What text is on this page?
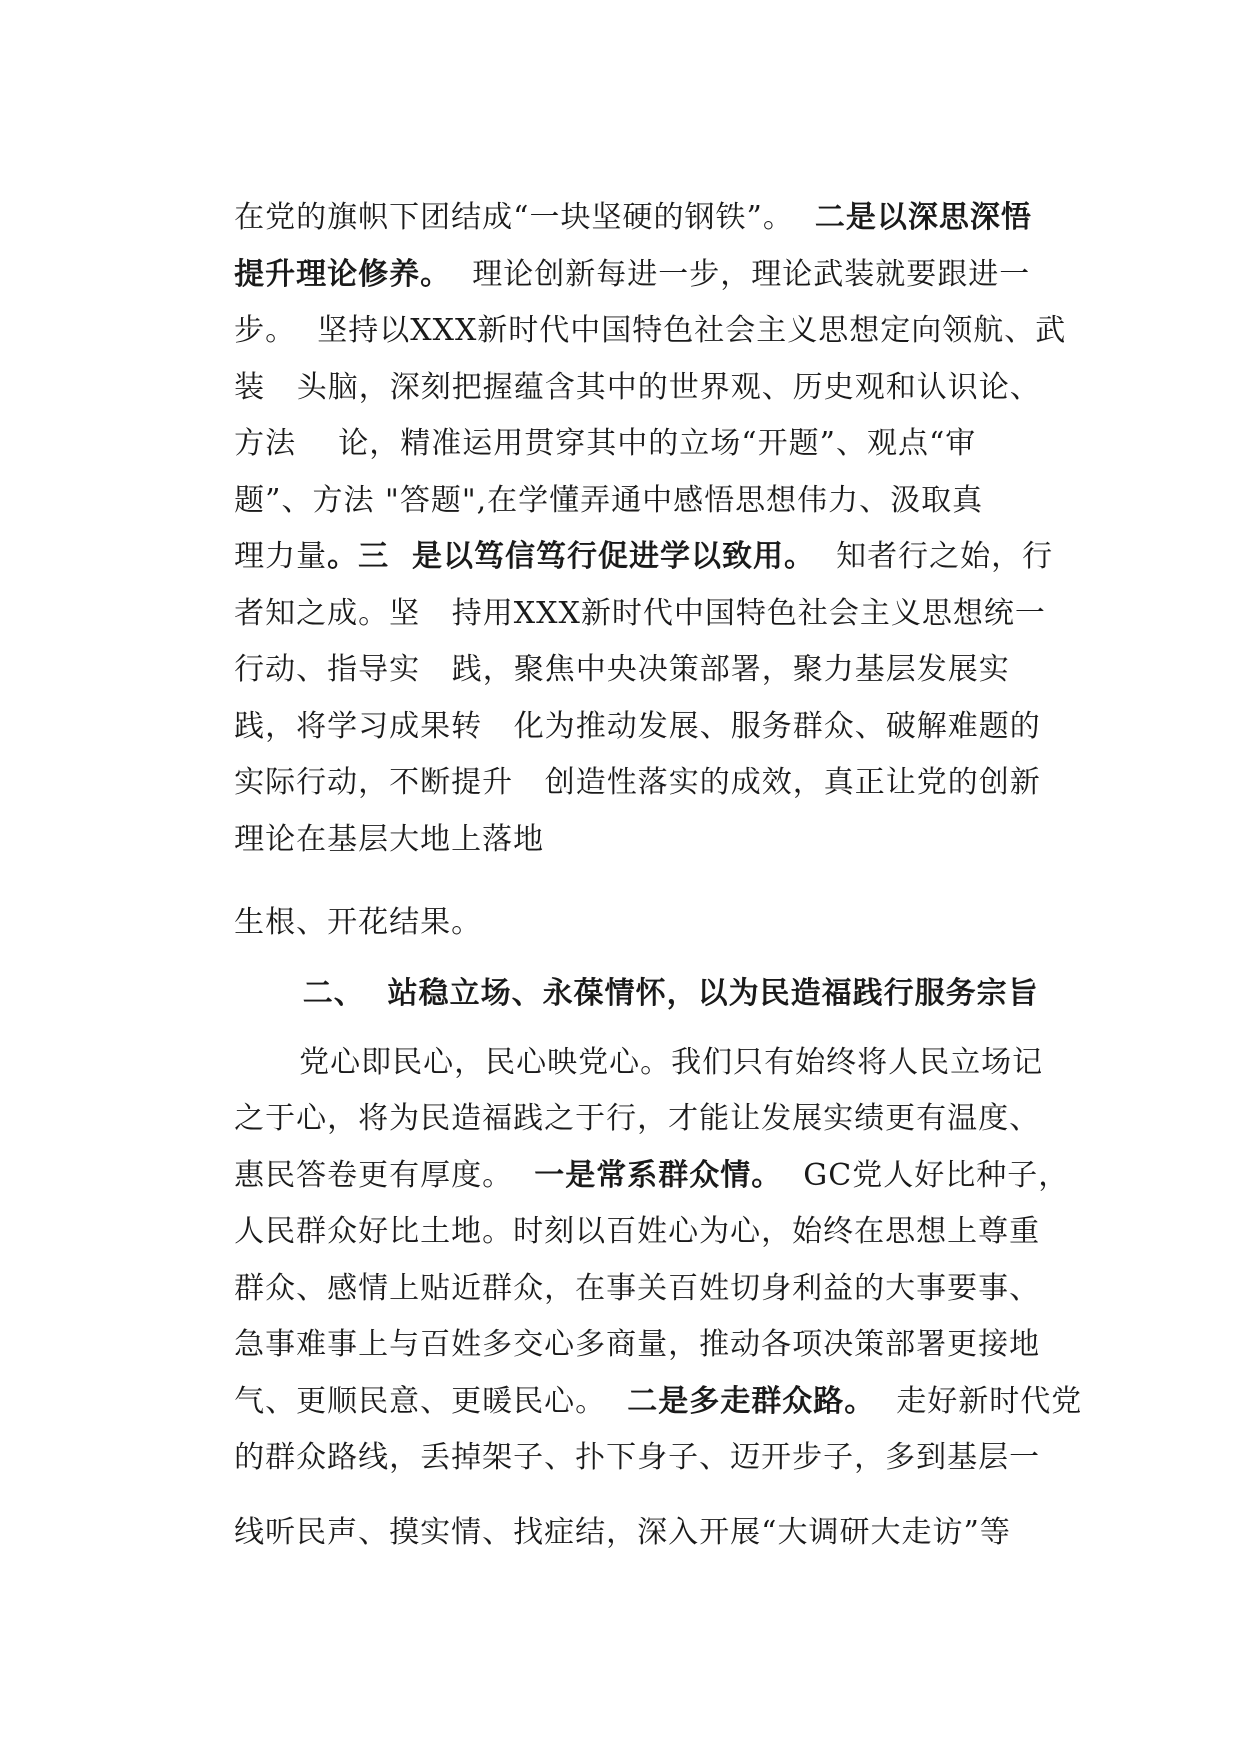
在党的旗帜下团结成“一块坚硬的钢铁”。  二是以深思深悟

提升理论修养。  理论创新每进一步，理论武装就要跟进一

步。  坚持以XXX新时代中国特色社会主义思想定向领航、武

装   头脑，深刻把握蕴含其中的世界观、历史观和认识论、

方法    论，精准运用贯穿其中的立场“开题”、观点“审

题”、方法 "答题",在学懂弄通中感悟思想伟力、汲取真

理力量。三  是以笃信笃行促进学以致用。  知者行之始，行

者知之成。坚   持用XXX新时代中国特色社会主义思想统一

行动、指导实   践，聚焦中央决策部署，聚力基层发展实

践，将学习成果转   化为推动发展、服务群众、破解难题的

实际行动，不断提升   创造性落实的成效，真正让党的创新

理论在基层大地上落地

生根、开花结果。

二、  站稳立场、永葆情怀，以为民造福践行服务宗旨

党心即民心，民心映党心。我们只有始终将人民立场记

之于心，将为民造福践之于行，才能让发展实绩更有温度、

惠民答卷更有厚度。  一是常系群众情。  GC党人好比种子，

人民群众好比土地。时刻以百姓心为心，始终在思想上尊重

群众、感情上贴近群众，在事关百姓切身利益的大事要事、

急事难事上与百姓多交心多商量，推动各项决策部署更接地

气、更顺民意、更暖民心。  二是多走群众路。  走好新时代党

的群众路线，丢掉架子、扑下身子、迈开步子，多到基层一

线听民声、摸实情、找症结，深入开展“大调研大走访”等
